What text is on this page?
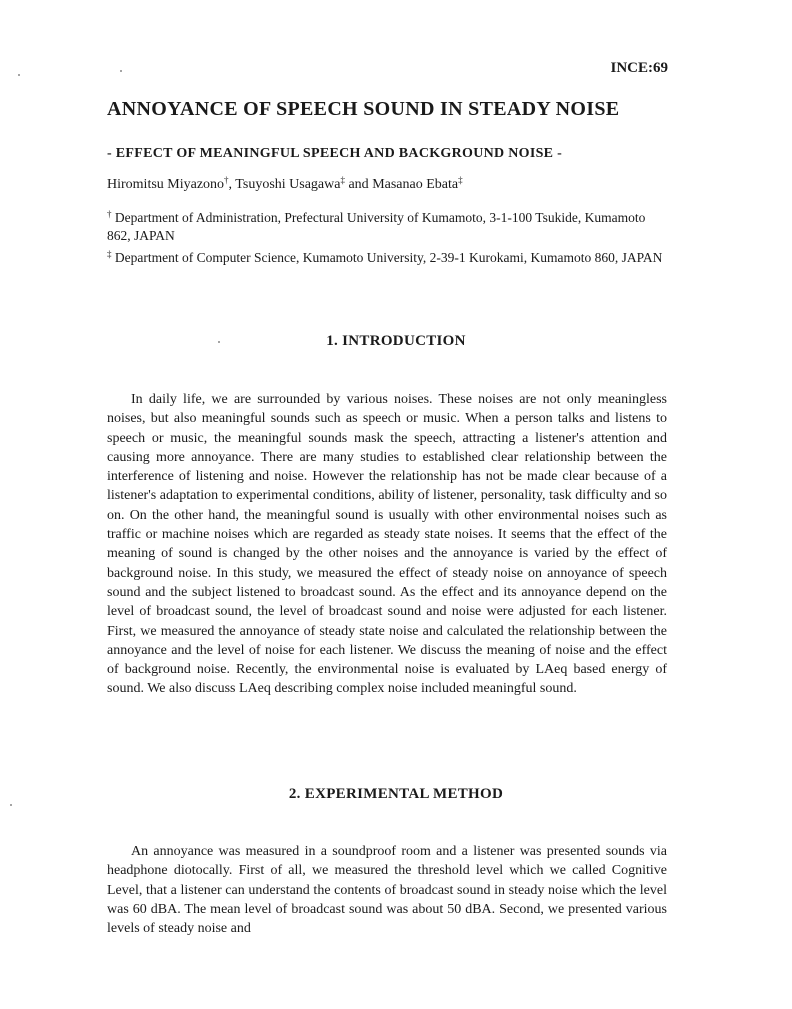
INCE:69
ANNOYANCE OF SPEECH SOUND IN STEADY NOISE
- EFFECT OF MEANINGFUL SPEECH AND BACKGROUND NOISE -
Hiromitsu Miyazono†, Tsuyoshi Usagawa‡ and Masanao Ebata‡
† Department of Administration, Prefectural University of Kumamoto, 3-1-100 Tsukide, Kumamoto 862, JAPAN
‡ Department of Computer Science, Kumamoto University, 2-39-1 Kurokami, Kumamoto 860, JAPAN
1. INTRODUCTION

In daily life, we are surrounded by various noises. These noises are not only meaningless noises, but also meaningful sounds such as speech or music. When a person talks and listens to speech or music, the meaningful sounds mask the speech, attracting a listener's attention and causing more annoyance. There are many studies to established clear relationship between the interference of listening and noise. However the relationship has not be made clear because of a listener's adaptation to experimental conditions, ability of listener, personality, task difficulty and so on. On the other hand, the meaningful sound is usually with other environmental noises such as traffic or machine noises which are regarded as steady state noises. It seems that the effect of the meaning of sound is changed by the other noises and the annoyance is varied by the effect of background noise. In this study, we measured the effect of steady noise on annoyance of speech sound and the subject listened to broadcast sound. As the effect and its annoyance depend on the level of broadcast sound, the level of broadcast sound and noise were adjusted for each listener. First, we measured the annoyance of steady state noise and calculated the relationship between the annoyance and the level of noise for each listener. We discuss the meaning of noise and the effect of background noise. Recently, the environmental noise is evaluated by LAeq based energy of sound. We also discuss LAeq describing complex noise included meaningful sound.

2. EXPERIMENTAL METHOD

An annoyance was measured in a soundproof room and a listener was presented sounds via headphone diotocally. First of all, we measured the threshold level which we called Cognitive Level, that a listener can understand the contents of broadcast sound in steady noise which the level was 60 dBA. The mean level of broadcast sound was about 50 dBA. Second, we presented various levels of steady noise and
